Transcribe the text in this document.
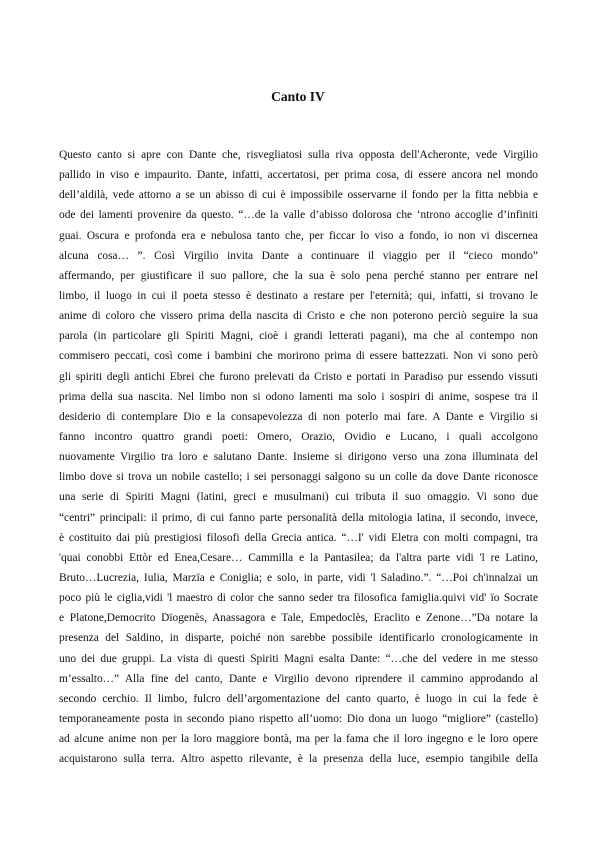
Canto IV
Questo canto si apre con Dante che, risvegliatosi sulla riva opposta dell'Acheronte, vede Virgilio
pallido in viso e impaurito. Dante, infatti, accertatosi, per prima cosa, di essere ancora nel mondo
dell’aldilà, vede attorno a se un abisso di cui è impossibile osservarne il fondo per la fitta nebbia e
ode dei lamenti provenire da questo. “…de la valle d’abisso dolorosa che ‘ntrono accoglie d’infiniti
guai. Oscura e profonda era e nebulosa tanto che, per ficcar lo viso a fondo, io non vi discernea
alcuna cosa… ”. Così Virgilio invita Dante a continuare il viaggio per il “cieco mondo”
affermando, per giustificare il suo pallore, che la sua è solo pena perché stanno per entrare nel
limbo, il luogo in cui il poeta stesso è destinato a restare per l'eternità; qui, infatti, si trovano le
anime di coloro che vissero prima della nascita di Cristo e che non poterono perciò seguire la sua
parola (in particolare gli Spiriti Magni, cioè i grandi letterati pagani), ma che al contempo non
commisero peccati, così come i bambini che morirono prima di essere battezzati. Non vi sono però
gli spiriti degli antichi Ebrei che furono prelevati da Cristo e portati in Paradiso pur essendo vissuti
prima della sua nascita. Nel limbo non si odono lamenti ma solo i sospiri di anime, sospese tra il
desiderio di contemplare Dio e la consapevolezza di non poterlo mai fare. A Dante e Virgilio si
fanno incontro quattro grandi poeti: Omero, Orazio, Ovidio e Lucano, i quali accolgono
nuovamente Virgilio tra loro e salutano Dante. Insieme si dirigono verso una zona illuminata del
limbo dove si trova un nobile castello; i sei personaggi salgono su un colle da dove Dante riconosce
una serie di Spiriti Magni (latini, greci e musulmani) cui tributa il suo omaggio. Vi sono due
“centri” principali: il primo, di cui fanno parte personalità della mitologia latina, il secondo, invece,
è costituito dai più prestigiosi filosofi della Grecia antica. “…I' vidi Eletra con molti compagni, tra
'quai conobbi Ettòr ed Enea,Cesare… Cammilla e la Pantasilea; da l'altra parte vidi 'l re Latino,
Bruto…Lucrezia, Iulia, Marzïa e Coniglia; e solo, in parte, vidi 'l Saladino.”. “…Poi ch'innalzai un
poco più le ciglia,vidi 'l maestro di color che sanno seder tra filosofica famiglia.quivi vid' ïo Socrate
e Platone,Democrito Dïogenès, Anassagora e Tale, Empedoclès, Eraclito e Zenone…”Da notare la
presenza del Saldino, in disparte, poiché non sarebbe possibile identificarlo cronologicamente in
uno dei due gruppi. La vista di questi Spiriti Magni esalta Dante: “…che del vedere in me stesso
m’essalto…” Alla fine del canto, Dante e Virgilio devono riprendere il cammino approdando al
secondo cerchio. Il limbo, fulcro dell’argomentazione del canto quarto, è luogo in cui la fede è
temporaneamente posta in secondo piano rispetto all’uomo: Dio dona un luogo “migliore” (castello)
ad alcune anime non per la loro maggiore bontà, ma per la fama che il loro ingegno e le loro opere
acquistarono sulla terra. Altro aspetto rilevante, è la presenza della luce, esempio tangibile della
